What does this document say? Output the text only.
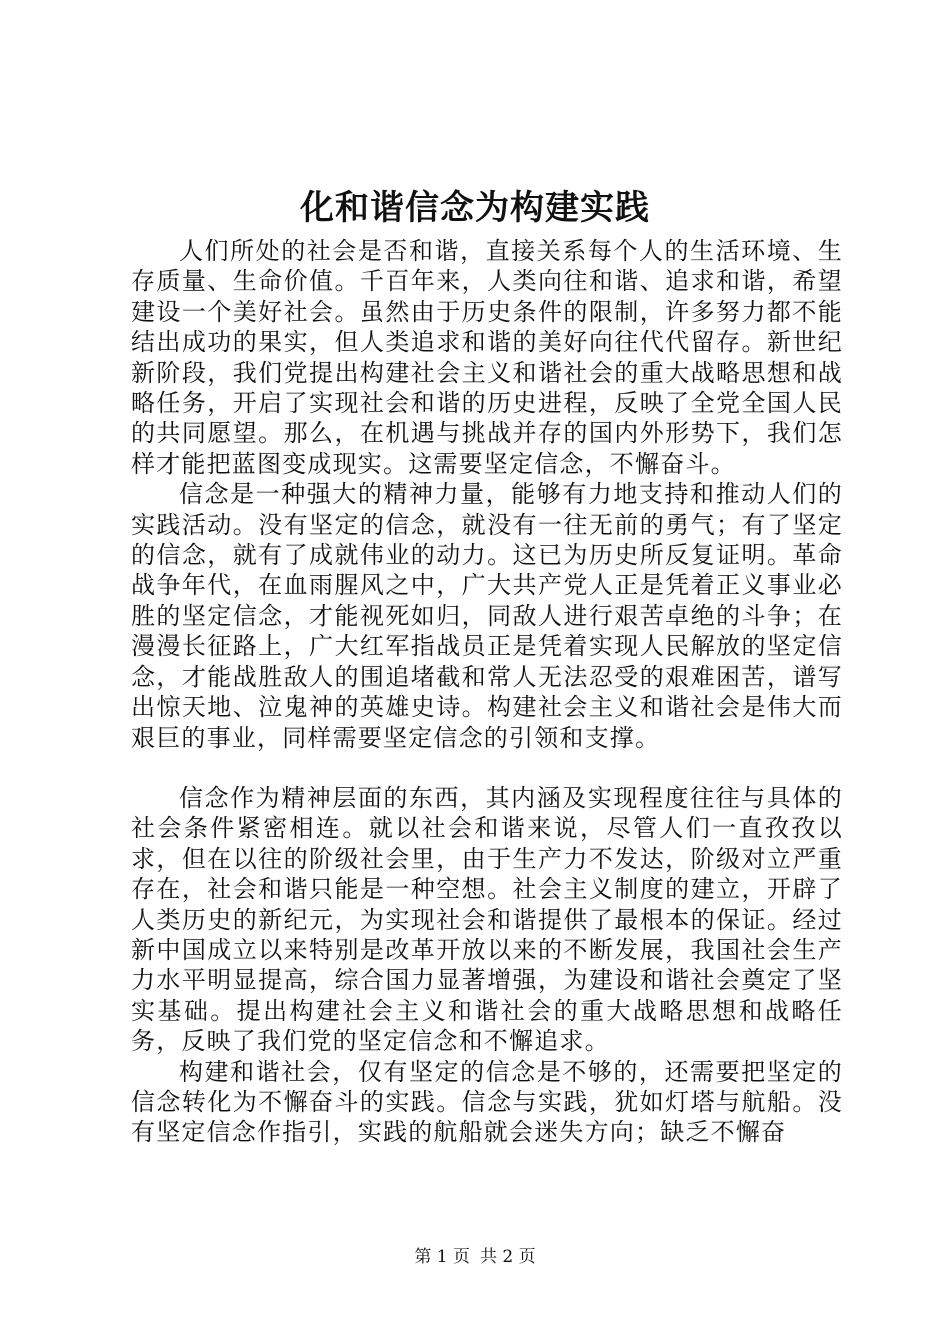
化和谐信念为构建实践

人们所处的社会是否和谐，直接关系每个人的生活环境、生存质量、生命价值。千百年来，人类向往和谐、追求和谐，希望建设一个美好社会。虽然由于历史条件的限制，许多努力都不能结出成功的果实，但人类追求和谐的美好向往代代留存。新世纪新阶段，我们党提出构建社会主义和谐社会的重大战略思想和战略任务，开启了实现社会和谐的历史进程，反映了全党全国人民的共同愿望。那么，在机遇与挑战并存的国内外形势下，我们怎样才能把蓝图变成现实。这需要坚定信念，不懈奋斗。

信念是一种强大的精神力量，能够有力地支持和推动人们的实践活动。没有坚定的信念，就没有一往无前的勇气；有了坚定的信念，就有了成就伟业的动力。这已为历史所反复证明。革命战争年代，在血雨腥风之中，广大共产党人正是凭着正义事业必胜的坚定信念，才能视死如归，同敌人进行艰苦卓绝的斗争；在漫漫长征路上，广大红军指战员正是凭着实现人民解放的坚定信念，才能战胜敌人的围追堵截和常人无法忍受的艰难困苦，谱写出惊天地、泣鬼神的英雄史诗。构建社会主义和谐社会是伟大而艰巨的事业，同样需要坚定信念的引领和支撑。

信念作为精神层面的东西，其内涵及实现程度往往与具体的社会条件紧密相连。就以社会和谐来说，尽管人们一直孜孜以求，但在以往的阶级社会里，由于生产力不发达，阶级对立严重存在，社会和谐只能是一种空想。社会主义制度的建立，开辟了人类历史的新纪元，为实现社会和谐提供了最根本的保证。经过新中国成立以来特别是改革开放以来的不断发展，我国社会生产力水平明显提高，综合国力显著增强，为建设和谐社会奠定了坚实基础。提出构建社会主义和谐社会的重大战略思想和战略任务，反映了我们党的坚定信念和不懈追求。

构建和谐社会，仅有坚定的信念是不够的，还需要把坚定的信念转化为不懈奋斗的实践。信念与实践，犹如灯塔与航船。没有坚定信念作指引，实践的航船就会迷失方向；缺乏不懈奋

第 1 页 共 2 页
